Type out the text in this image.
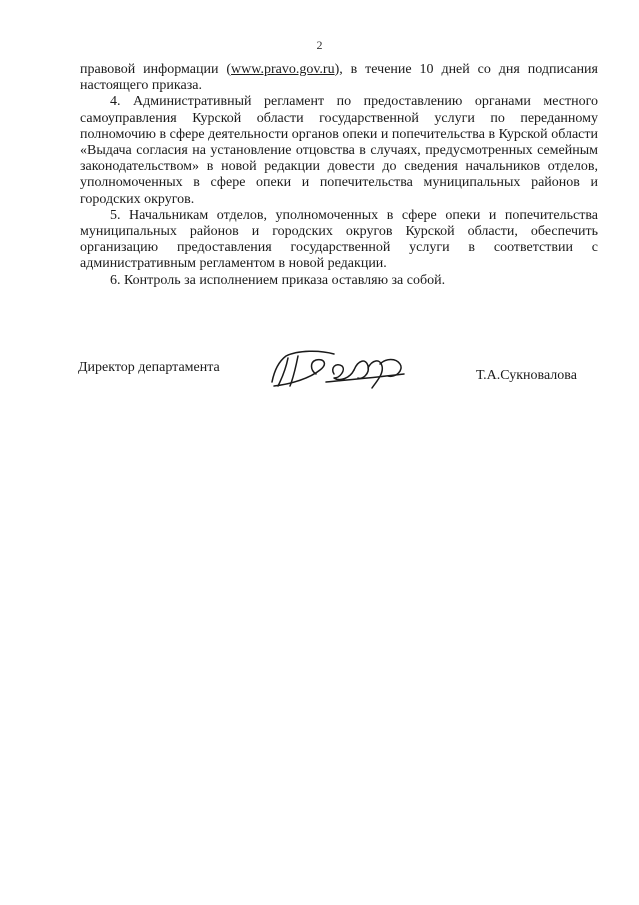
2

правовой информации (www.pravo.gov.ru), в течение 10 дней со дня подписания настоящего приказа.

4. Административный регламент по предоставлению органами местного самоуправления Курской области государственной услуги по переданному полномочию в сфере деятельности органов опеки и попечительства в Курской области «Выдача согласия на установление отцовства в случаях, предусмотренных семейным законодательством» в новой редакции довести до сведения начальников отделов, уполномоченных в сфере опеки и попечительства муниципальных районов и городских округов.

5. Начальникам отделов, уполномоченных в сфере опеки и попечительства муниципальных районов и городских округов Курской области, обеспечить организацию предоставления государственной услуги в соответствии с административным регламентом в новой редакции.

6. Контроль за исполнением приказа оставляю за собой.

Директор департамента
Т.А.Сукновалова
